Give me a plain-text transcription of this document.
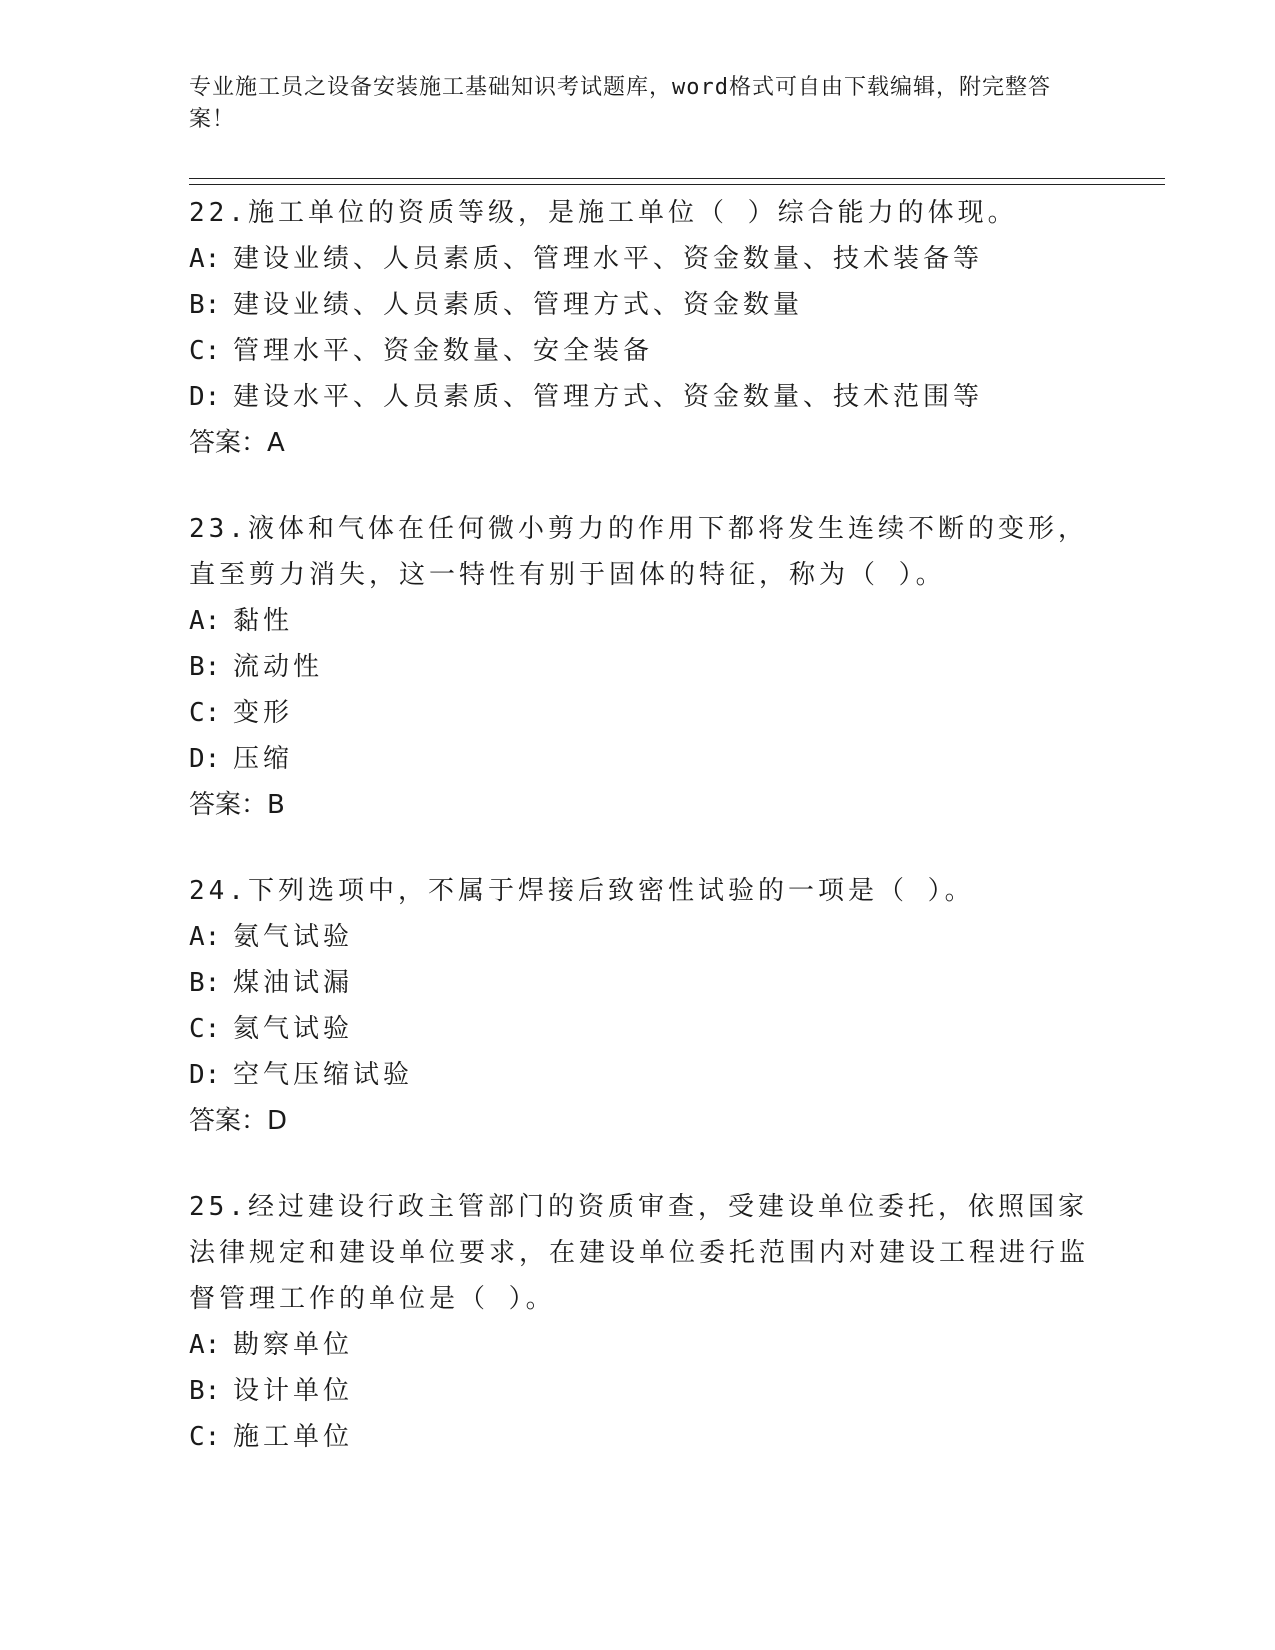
专业施工员之设备安装施工基础知识考试题库，word格式可自由下载编辑，附完整答案！
22.施工单位的资质等级，是施工单位（ ）综合能力的体现。
A: 建设业绩、人员素质、管理水平、资金数量、技术装备等
B: 建设业绩、人员素质、管理方式、资金数量
C: 管理水平、资金数量、安全装备
D: 建设水平、人员素质、管理方式、资金数量、技术范围等
答案：A
23.液体和气体在任何微小剪力的作用下都将发生连续不断的变形，直至剪力消失，这一特性有别于固体的特征，称为（ ）。
A: 黏性
B: 流动性
C: 变形
D: 压缩
答案：B
24.下列选项中，不属于焊接后致密性试验的一项是（ ）。
A: 氨气试验
B: 煤油试漏
C: 氦气试验
D: 空气压缩试验
答案：D
25.经过建设行政主管部门的资质审查，受建设单位委托，依照国家法律规定和建设单位要求，在建设单位委托范围内对建设工程进行监督管理工作的单位是（ ）。
A: 勘察单位
B: 设计单位
C: 施工单位
